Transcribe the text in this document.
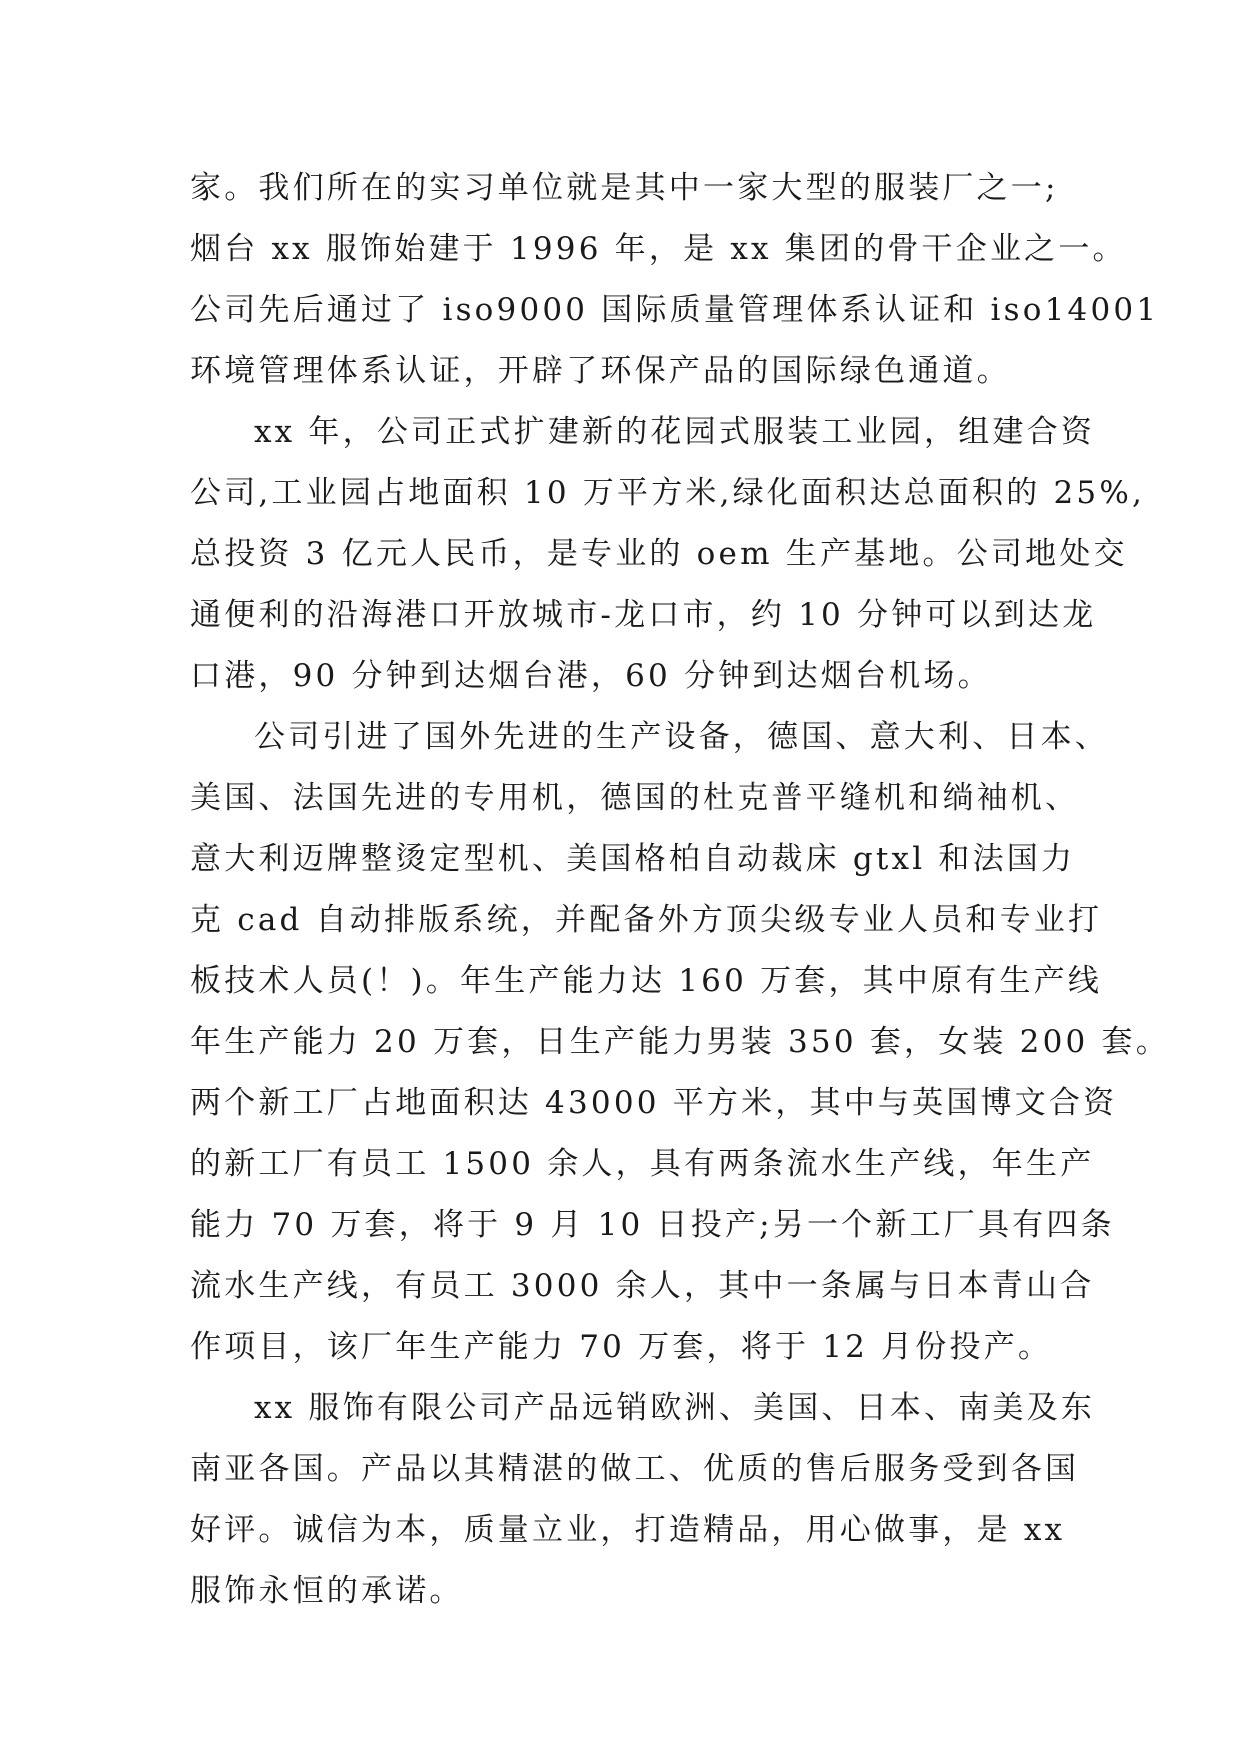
家。我们所在的实习单位就是其中一家大型的服装厂之一;
烟台 xx 服饰始建于 1996 年，是 xx 集团的骨干企业之一。
公司先后通过了 iso9000 国际质量管理体系认证和 iso14001
环境管理体系认证，开辟了环保产品的国际绿色通道。
xx 年，公司正式扩建新的花园式服装工业园，组建合资
公司,工业园占地面积 10 万平方米,绿化面积达总面积的 25%,
总投资 3 亿元人民币，是专业的 oem 生产基地。公司地处交
通便利的沿海港口开放城市-龙口市，约 10 分钟可以到达龙
口港，90 分钟到达烟台港，60 分钟到达烟台机场。
公司引进了国外先进的生产设备，德国、意大利、日本、
美国、法国先进的专用机，德国的杜克普平缝机和绱袖机、
意大利迈牌整烫定型机、美国格柏自动裁床 gtxl 和法国力
克 cad 自动排版系统，并配备外方顶尖级专业人员和专业打
板技术人员(！)。年生产能力达 160 万套，其中原有生产线
年生产能力 20 万套，日生产能力男装 350 套，女装 200 套。
两个新工厂占地面积达 43000 平方米，其中与英国博文合资
的新工厂有员工 1500 余人，具有两条流水生产线，年生产
能力 70 万套，将于 9 月 10 日投产;另一个新工厂具有四条
流水生产线，有员工 3000 余人，其中一条属与日本青山合
作项目，该厂年生产能力 70 万套，将于 12 月份投产。
xx 服饰有限公司产品远销欧洲、美国、日本、南美及东
南亚各国。产品以其精湛的做工、优质的售后服务受到各国
好评。诚信为本，质量立业，打造精品，用心做事，是 xx
服饰永恒的承诺。
